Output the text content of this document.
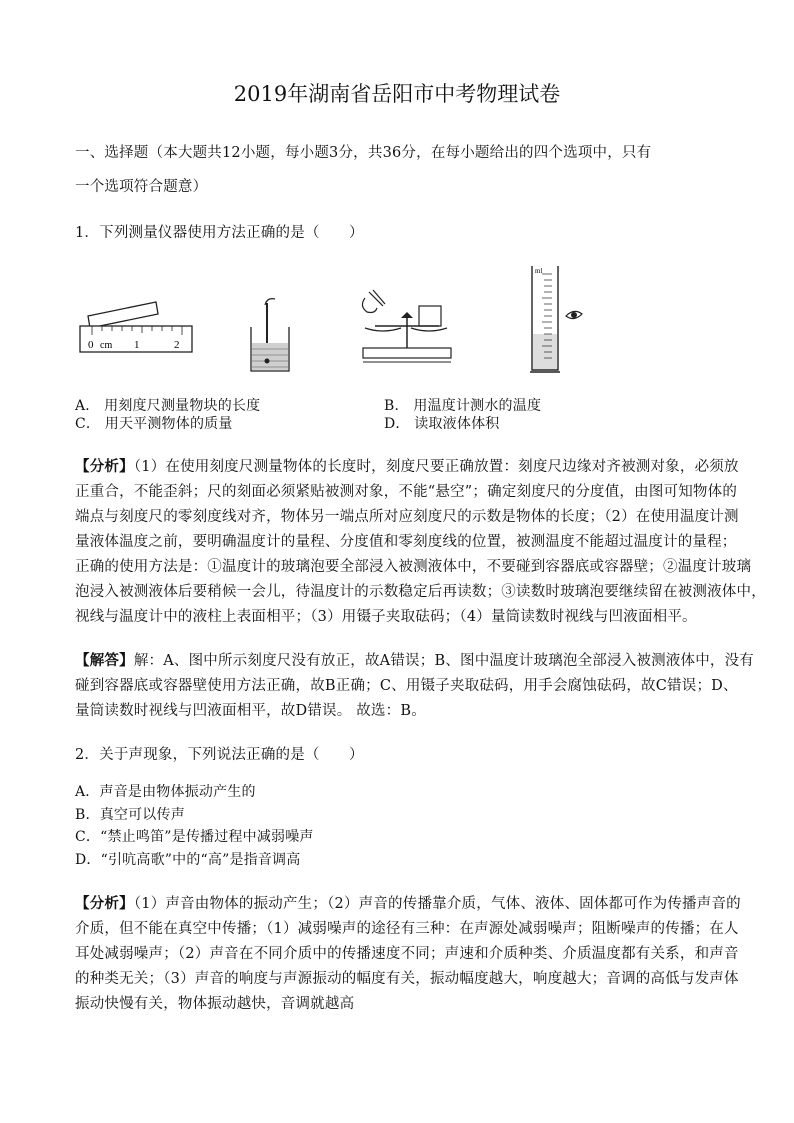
2019年湖南省岳阳市中考物理试卷
一、选择题（本大题共12小题，每小题3分，共36分，在每小题给出的四个选项中，只有
一个选项符合题意）
1．下列测量仪器使用方法正确的是（　　）
0 cm 1	2
ml
A． 用刻度尺测量物块的长度	B． 用温度计测水的温度
C． 用天平测物体的质量	D． 读取液体体积
【分析】（1）在使用刻度尺测量物体的长度时，刻度尺要正确放置：刻度尺边缘对齐被测对象，必须放
正重合，不能歪斜；尺的刻面必须紧贴被测对象，不能“悬空”；确定刻度尺的分度值，由图可知物体的
端点与刻度尺的零刻度线对齐，物体另一端点所对应刻度尺的示数是物体的长度；（2）在使用温度计测
量液体温度之前，要明确温度计的量程、分度值和零刻度线的位置，被测温度不能超过温度计的量程；
正确的使用方法是：①温度计的玻璃泡要全部浸入被测液体中，不要碰到容器底或容器壁；②温度计玻璃
泡浸入被测液体后要稍候一会儿，待温度计的示数稳定后再读数；③读数时玻璃泡要继续留在被测液体中，
视线与温度计中的液柱上表面相平；（3）用镊子夹取砝码；（4）量筒读数时视线与凹液面相平。
【解答】解：A、图中所示刻度尺没有放正，故A错误；B、图中温度计玻璃泡全部浸入被测液体中，没有
碰到容器底或容器壁使用方法正确，故B正确；C、用镊子夹取砝码，用手会腐蚀砝码，故C错误；D、
量筒读数时视线与凹液面相平，故D错误。 故选：B。
2．关于声现象，下列说法正确的是（　　）
A．声音是由物体振动产生的
B．真空可以传声
C．“禁止鸣笛”是传播过程中减弱噪声
D．“引吭高歌”中的“高”是指音调高
【分析】（1）声音由物体的振动产生；（2）声音的传播靠介质，气体、液体、固体都可作为传播声音的
介质，但不能在真空中传播；（1）减弱噪声的途径有三种：在声源处减弱噪声；阻断噪声的传播；在人
耳处减弱噪声；（2）声音在不同介质中的传播速度不同；声速和介质种类、介质温度都有关系，和声音
的种类无关；（3）声音的响度与声源振动的幅度有关，振动幅度越大，响度越大；音调的高低与发声体
振动快慢有关，物体振动越快，音调就越高
